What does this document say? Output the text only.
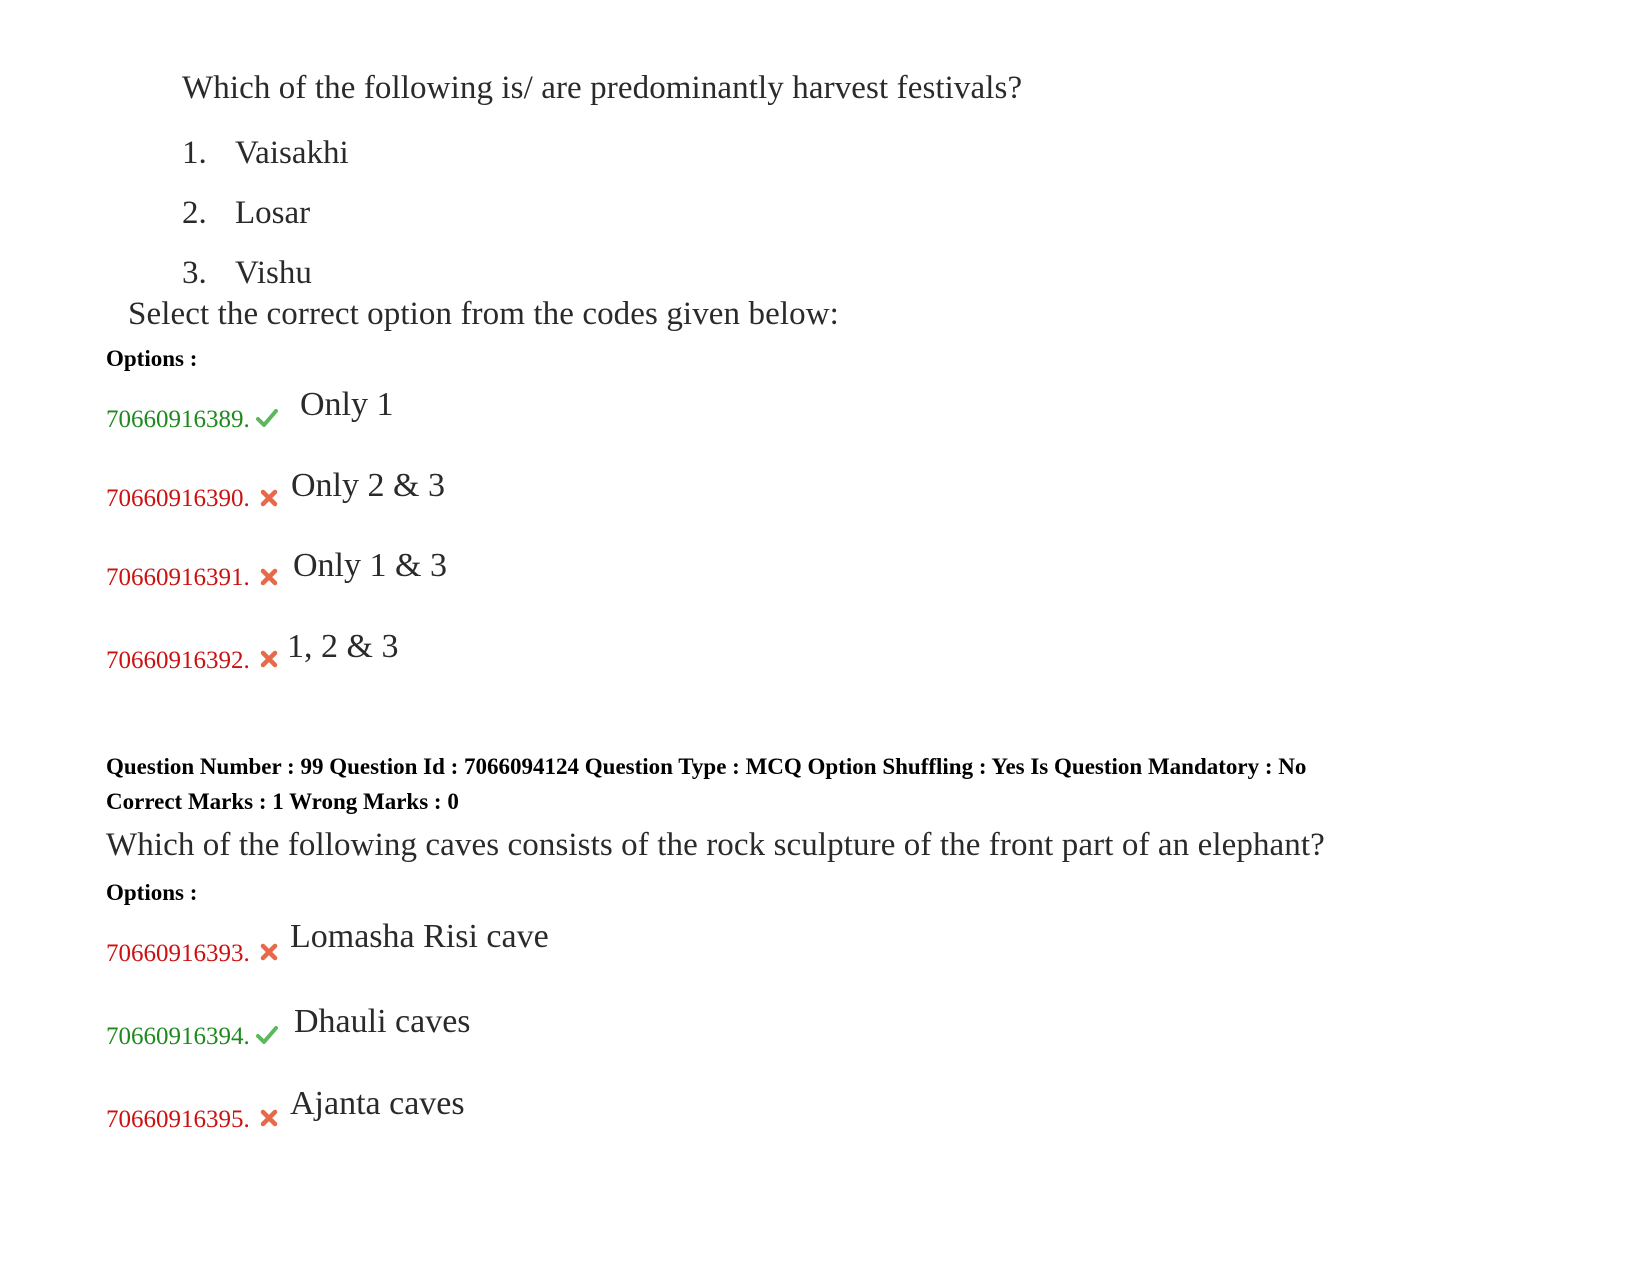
Which of the following is/ are predominantly harvest festivals?
1. Vaisakhi
2. Losar
3. Vishu
Select the correct option from the codes given below:
Options :
70660916389. Only 1
70660916390. Only 2 & 3
70660916391. Only 1 & 3
70660916392. 1, 2 & 3
Question Number : 99 Question Id : 7066094124 Question Type : MCQ Option Shuffling : Yes Is Question Mandatory : No
Correct Marks : 1 Wrong Marks : 0
Which of the following caves consists of the rock sculpture of the front part of an elephant?
Options :
70660916393. Lomasha Risi cave
70660916394. Dhauli caves
70660916395. Ajanta caves
